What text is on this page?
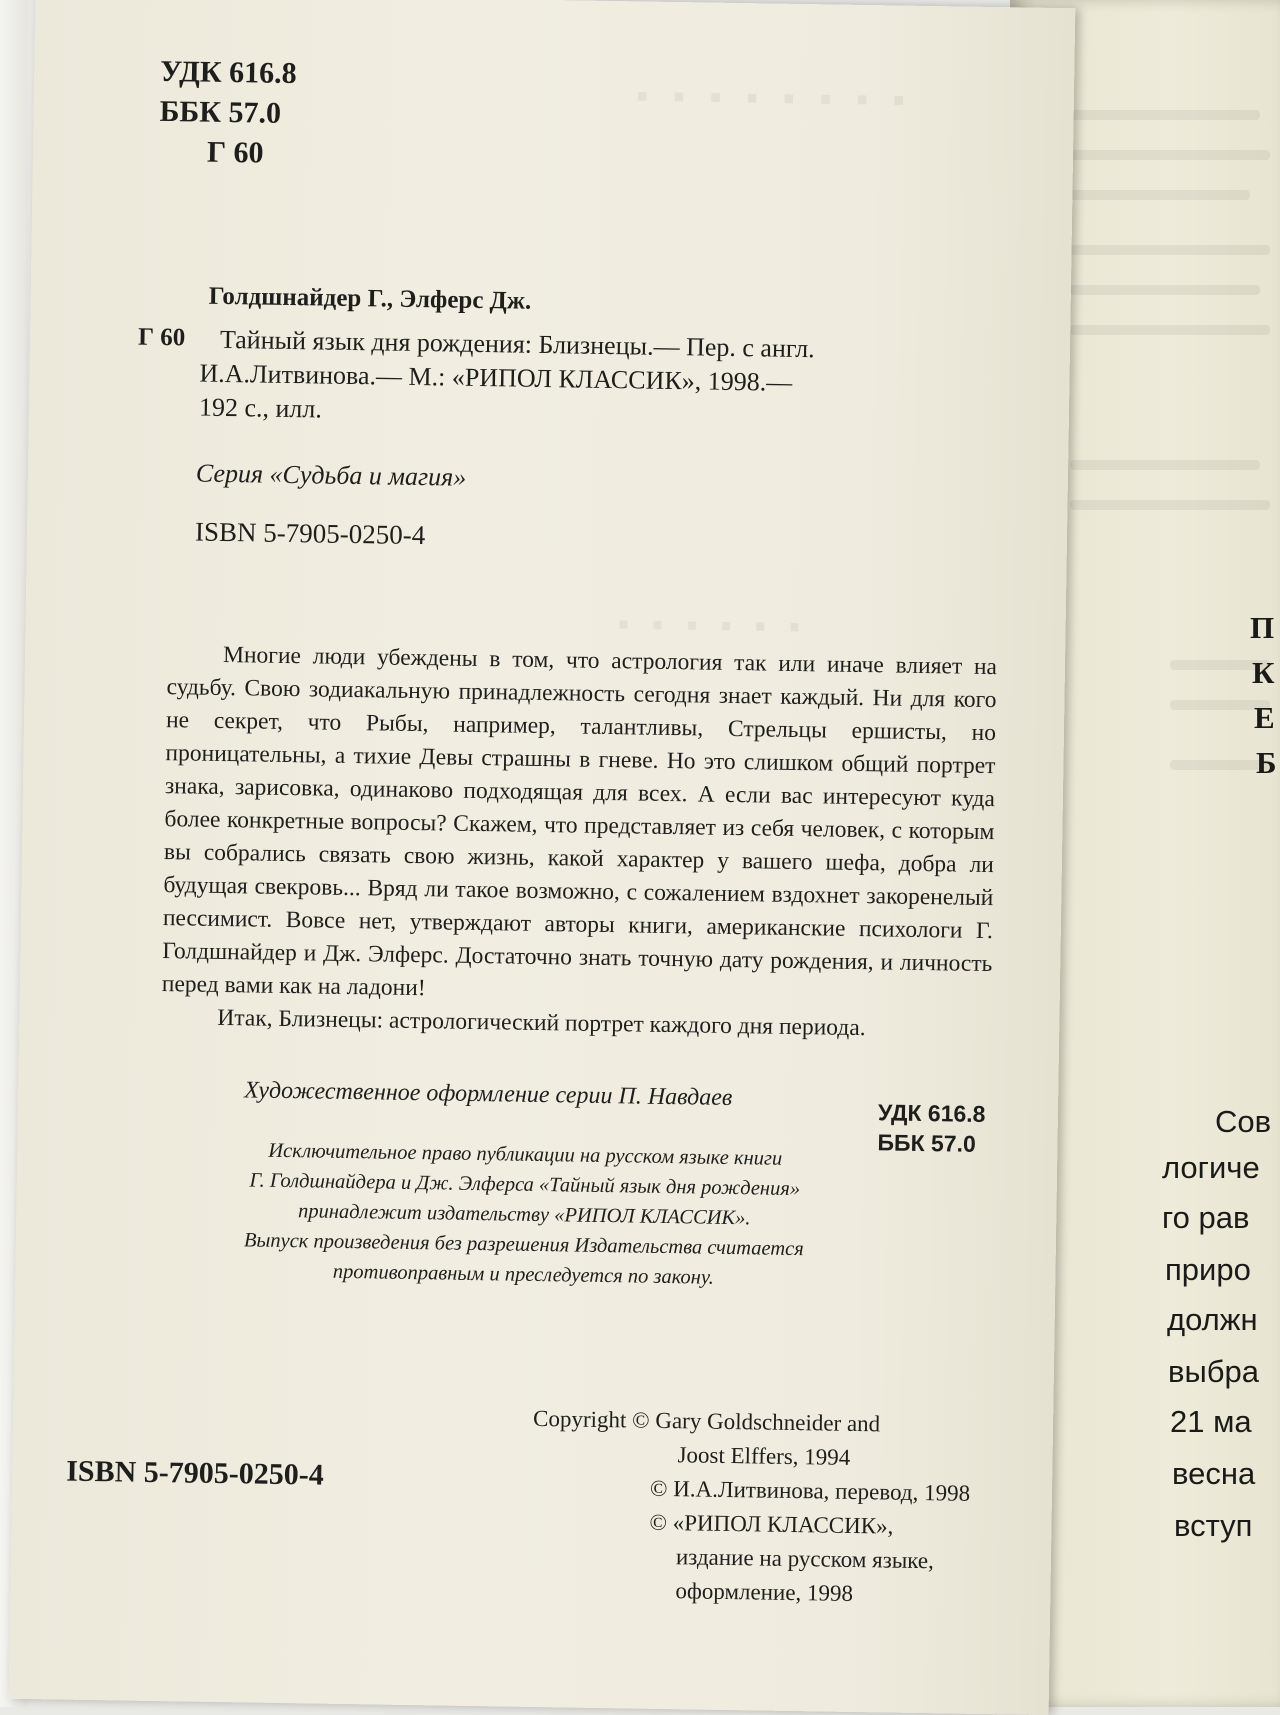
П
К
Е
Б
Сов
логиче
го рав
приро
должн
выбра
21 ма
весна
вступ
· · · · · · · ·
· · · · · ·
УДК 616.8
ББК 57.0
Г 60
Голдшнайдер Г., Элферс Дж.
Г 60 Тайный язык дня рождения: Близнецы.— Пер. с англ.
И.А.Литвинова.— М.: «РИПОЛ КЛАССИК», 1998.—
192 с., илл.
Серия «Судьба и магия»
ISBN 5-7905-0250-4

Многие люди убеждены в том, что астрология так или иначе влияет на судьбу. Свою зодиакальную принадлежность сегодня знает каждый. Ни для кого не секрет, что Рыбы, например, талантливы, Стрельцы ершисты, но проницательны, а тихие Девы страшны в гневе. Но это слишком общий портрет знака, зарисовка, одинаково подходящая для всех. А если вас интересуют куда более конкретные вопросы? Скажем, что представляет из себя человек, с которым вы собрались связать свою жизнь, какой характер у вашего шефа, добра ли будущая свекровь... Вряд ли такое возможно, с сожалением вздохнет закоренелый пессимист. Вовсе нет, утверждают авторы книги, американские психологи Г. Голдшнайдер и Дж. Элферс. Достаточно знать точную дату рождения, и личность перед вами как на ладони!

Итак, Близнецы: астрологический портрет каждого дня периода.

Художественное оформление серии П. Навдаев
УДК 616.8
ББК 57.0
Исключительное право публикации на русском языке книги
Г. Голдшнайдера и Дж. Элферса «Тайный язык дня рождения»
принадлежит издательству «РИПОЛ КЛАССИК».
Выпуск произведения без разрешения Издательства считается
противоправным и преследуется по закону.
ISBN 5-7905-0250-4
Copyright © Gary Goldschneider and
Joost Elffers, 1994
© И.А.Литвинова, перевод, 1998
© «РИПОЛ КЛАССИК»,
издание на русском языке,
оформление, 1998
